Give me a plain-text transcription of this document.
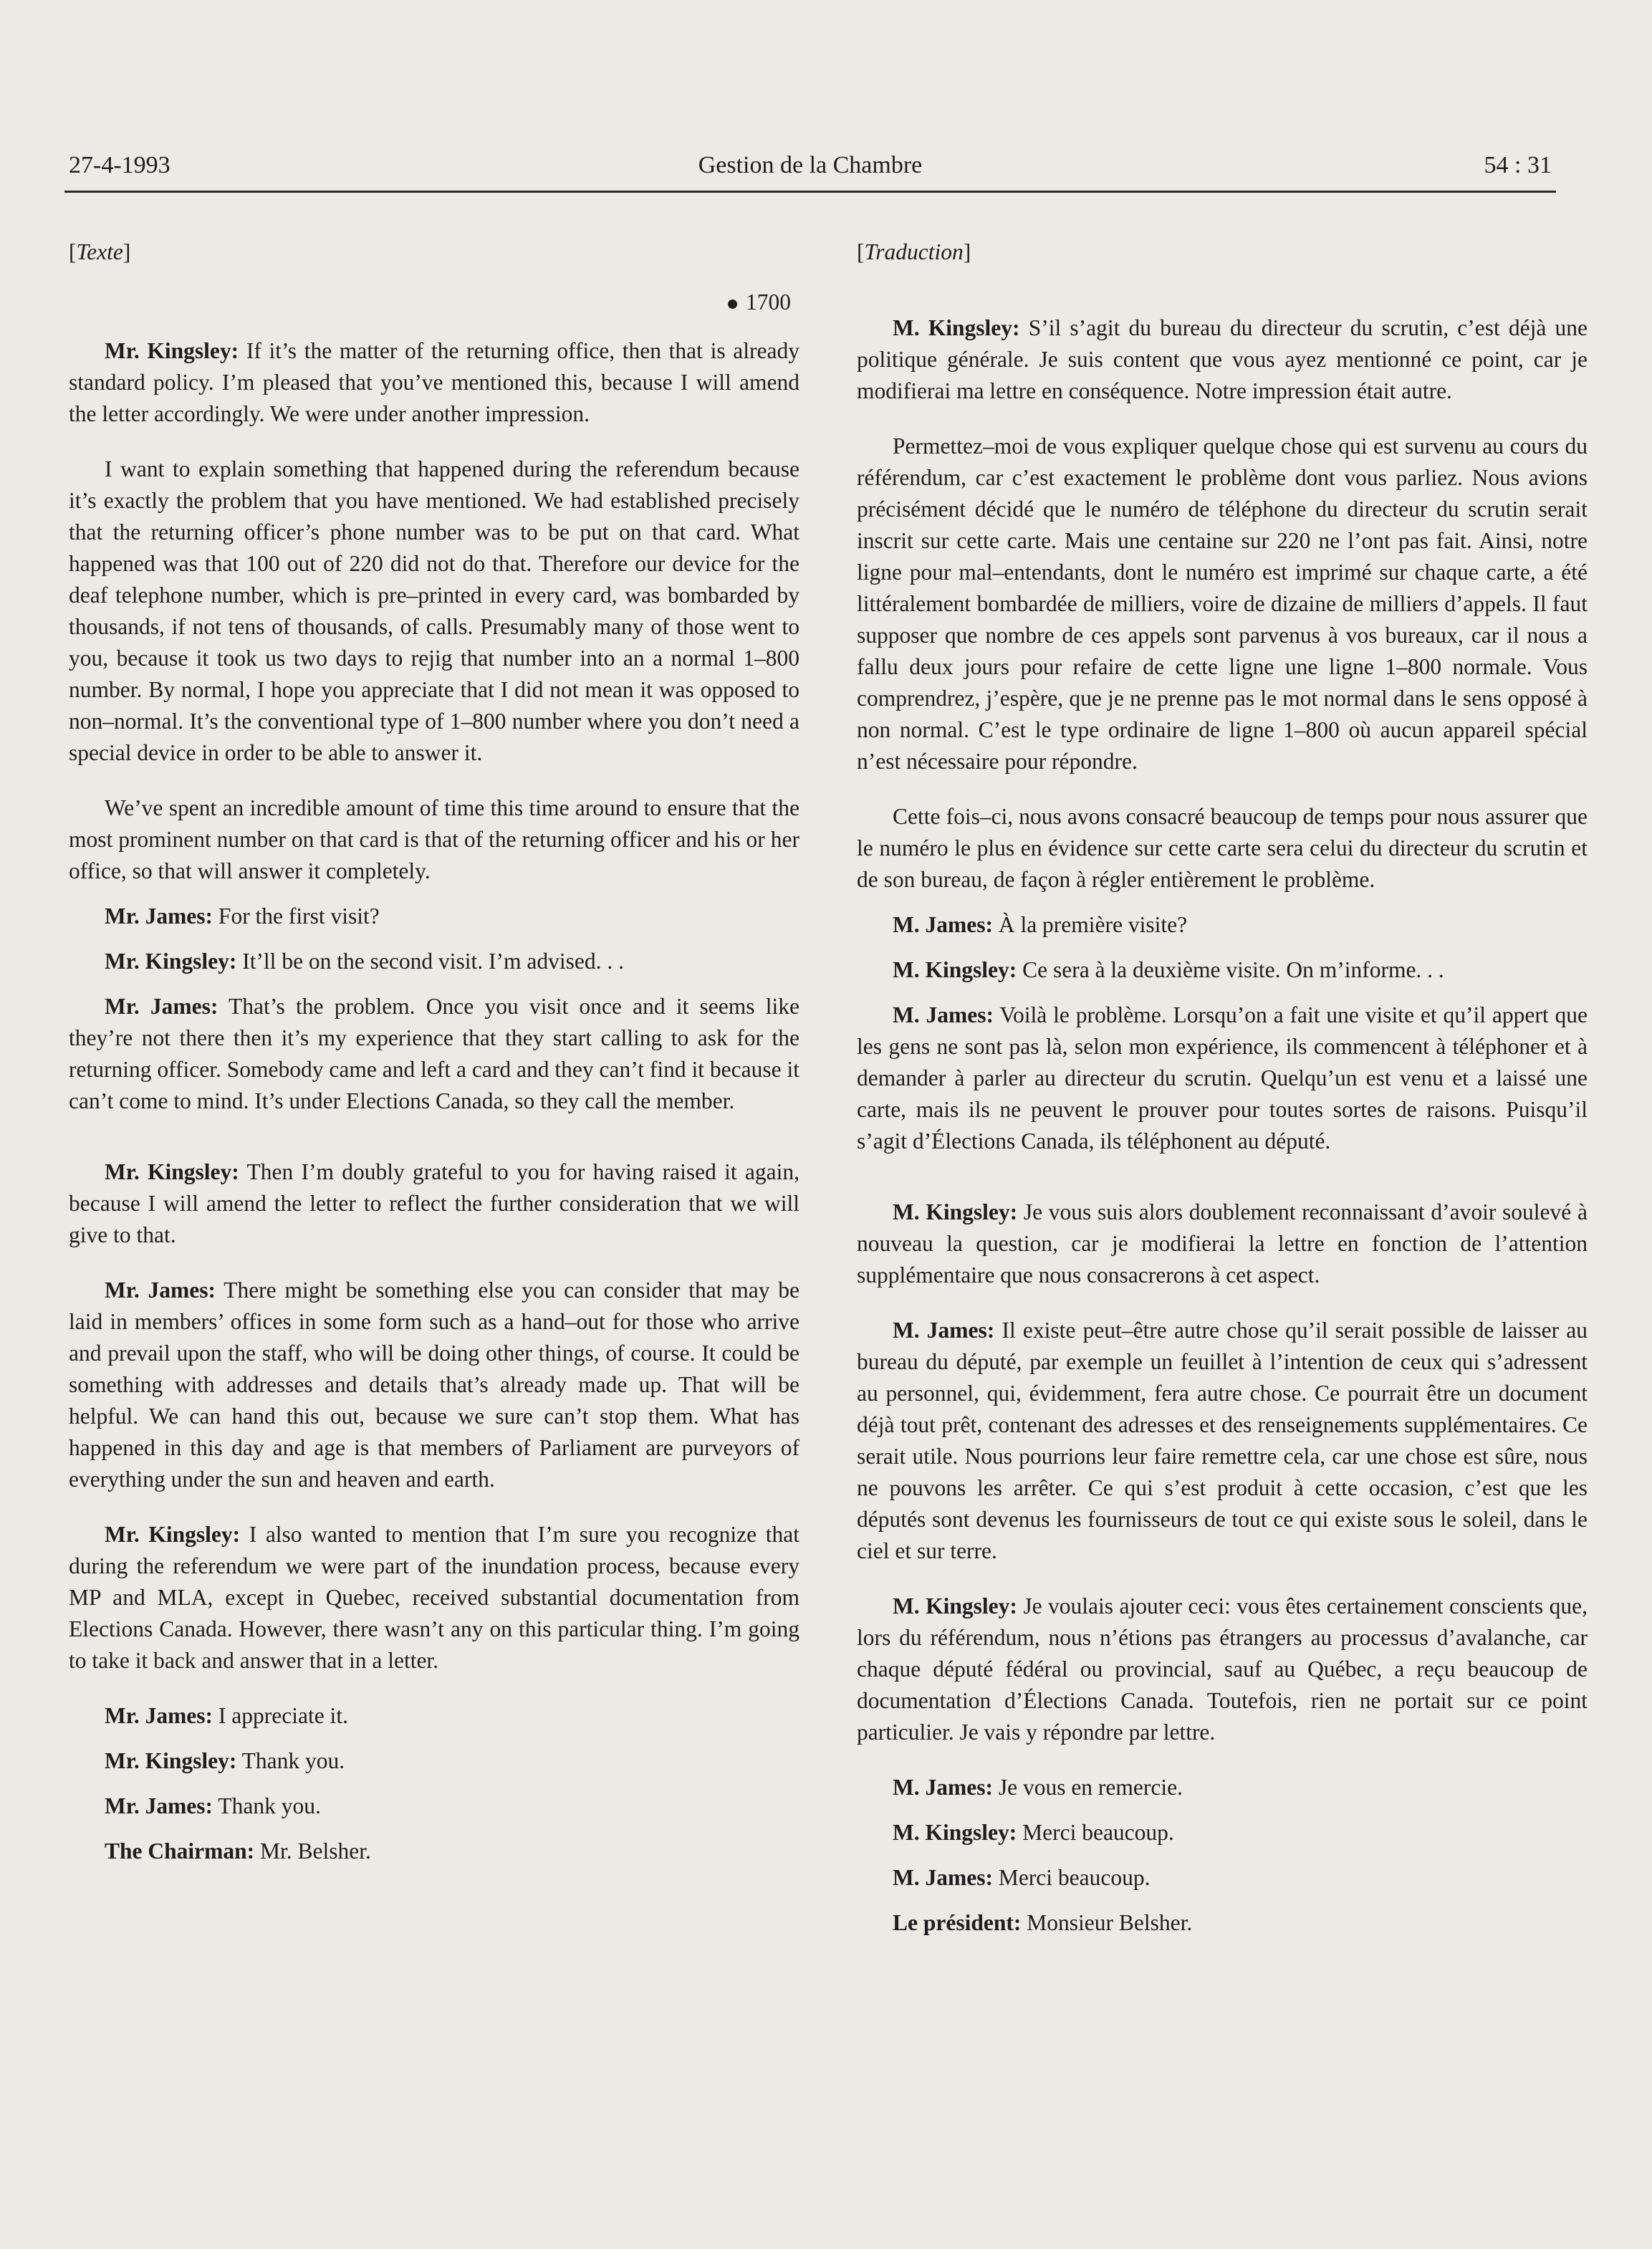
27-4-1993	Gestion de la Chambre	54 : 31
[Texte]
1700

Mr. Kingsley: If it’s the matter of the returning office, then that is already standard policy. I’m pleased that you’ve mentioned this, because I will amend the letter accordingly. We were under another impression.

I want to explain something that happened during the referendum because it’s exactly the problem that you have mentioned. We had established precisely that the returning officer’s phone number was to be put on that card. What happened was that 100 out of 220 did not do that. Therefore our device for the deaf telephone number, which is pre–printed in every card, was bombarded by thousands, if not tens of thousands, of calls. Presumably many of those went to you, because it took us two days to rejig that number into an a normal 1–800 number. By normal, I hope you appreciate that I did not mean it was opposed to non–normal. It’s the conventional type of 1–800 number where you don’t need a special device in order to be able to answer it.

We’ve spent an incredible amount of time this time around to ensure that the most prominent number on that card is that of the returning officer and his or her office, so that will answer it completely.

Mr. James: For the first visit?

Mr. Kingsley: It’ll be on the second visit. I’m advised. . .

Mr. James: That’s the problem. Once you visit once and it seems like they’re not there then it’s my experience that they start calling to ask for the returning officer. Somebody came and left a card and they can’t find it because it can’t come to mind. It’s under Elections Canada, so they call the member.

Mr. Kingsley: Then I’m doubly grateful to you for having raised it again, because I will amend the letter to reflect the further consideration that we will give to that.

Mr. James: There might be something else you can consider that may be laid in members’ offices in some form such as a hand–out for those who arrive and prevail upon the staff, who will be doing other things, of course. It could be something with addresses and details that’s already made up. That will be helpful. We can hand this out, because we sure can’t stop them. What has happened in this day and age is that members of Parliament are purveyors of everything under the sun and heaven and earth.

Mr. Kingsley: I also wanted to mention that I’m sure you recognize that during the referendum we were part of the inundation process, because every MP and MLA, except in Quebec, received substantial documentation from Elections Canada. However, there wasn’t any on this particular thing. I’m going to take it back and answer that in a letter.

Mr. James: I appreciate it.

Mr. Kingsley: Thank you.

Mr. James: Thank you.

The Chairman: Mr. Belsher.

[Traduction]

M. Kingsley: S’il s’agit du bureau du directeur du scrutin, c’est déjà une politique générale. Je suis content que vous ayez mentionné ce point, car je modifierai ma lettre en conséquence. Notre impression était autre.

Permettez–moi de vous expliquer quelque chose qui est survenu au cours du référendum, car c’est exactement le problème dont vous parliez. Nous avions précisément décidé que le numéro de téléphone du directeur du scrutin serait inscrit sur cette carte. Mais une centaine sur 220 ne l’ont pas fait. Ainsi, notre ligne pour mal–entendants, dont le numéro est imprimé sur chaque carte, a été littéralement bombardée de milliers, voire de dizaine de milliers d’appels. Il faut supposer que nombre de ces appels sont parvenus à vos bureaux, car il nous a fallu deux jours pour refaire de cette ligne une ligne 1–800 normale. Vous comprendrez, j’espère, que je ne prenne pas le mot normal dans le sens opposé à non normal. C’est le type ordinaire de ligne 1–800 où aucun appareil spécial n’est nécessaire pour répondre.

Cette fois–ci, nous avons consacré beaucoup de temps pour nous assurer que le numéro le plus en évidence sur cette carte sera celui du directeur du scrutin et de son bureau, de façon à régler entièrement le problème.

M. James: À la première visite?

M. Kingsley: Ce sera à la deuxième visite. On m’informe. . .

M. James: Voilà le problème. Lorsqu’on a fait une visite et qu’il appert que les gens ne sont pas là, selon mon expérience, ils commencent à téléphoner et à demander à parler au directeur du scrutin. Quelqu’un est venu et a laissé une carte, mais ils ne peuvent le prouver pour toutes sortes de raisons. Puisqu’il s’agit d’Élections Canada, ils téléphonent au député.

M. Kingsley: Je vous suis alors doublement reconnaissant d’avoir soulevé à nouveau la question, car je modifierai la lettre en fonction de l’attention supplémentaire que nous consacrerons à cet aspect.

M. James: Il existe peut–être autre chose qu’il serait possible de laisser au bureau du député, par exemple un feuillet à l’intention de ceux qui s’adressent au personnel, qui, évidemment, fera autre chose. Ce pourrait être un document déjà tout prêt, contenant des adresses et des renseignements supplémentaires. Ce serait utile. Nous pourrions leur faire remettre cela, car une chose est sûre, nous ne pouvons les arrêter. Ce qui s’est produit à cette occasion, c’est que les députés sont devenus les fournisseurs de tout ce qui existe sous le soleil, dans le ciel et sur terre.

M. Kingsley: Je voulais ajouter ceci: vous êtes certainement conscients que, lors du référendum, nous n’étions pas étrangers au processus d’avalanche, car chaque député fédéral ou provincial, sauf au Québec, a reçu beaucoup de documentation d’Élections Canada. Toutefois, rien ne portait sur ce point particulier. Je vais y répondre par lettre.

M. James: Je vous en remercie.

M. Kingsley: Merci beaucoup.

M. James: Merci beaucoup.

Le président: Monsieur Belsher.
